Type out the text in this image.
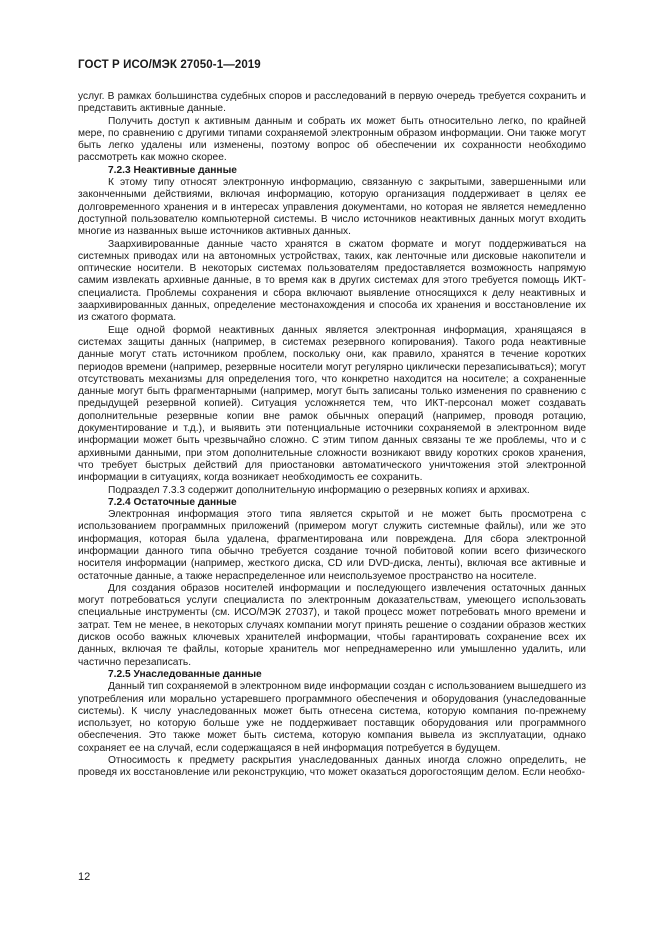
ГОСТ Р ИСО/МЭК 27050-1—2019

услуг. В рамках большинства судебных споров и расследований в первую очередь требуется сохранить и представить активные данные.

Получить доступ к активным данным и собрать их может быть относительно легко, по крайней мере, по сравнению с другими типами сохраняемой электронным образом информации. Они также могут быть легко удалены или изменены, поэтому вопрос об обеспечении их сохранности необходимо рассмотреть как можно скорее.

7.2.3 Неактивные данные

К этому типу относят электронную информацию, связанную с закрытыми, завершенными или законченными действиями, включая информацию, которую организация поддерживает в целях ее долговременного хранения и в интересах управления документами, но которая не является немедленно доступной пользователю компьютерной системы. В число источников неактивных данных могут входить многие из названных выше источников активных данных.

Заархивированные данные часто хранятся в сжатом формате и могут поддерживаться на системных приводах или на автономных устройствах, таких, как ленточные или дисковые накопители и оптические носители. В некоторых системах пользователям предоставляется возможность напрямую самим извлекать архивные данные, в то время как в других системах для этого требуется помощь ИКТ-специалиста. Проблемы сохранения и сбора включают выявление относящихся к делу неактивных и заархивированных данных, определение местонахождения и способа их хранения и восстановление их из сжатого формата.

Еще одной формой неактивных данных является электронная информация, хранящаяся в системах защиты данных (например, в системах резервного копирования). Такого рода неактивные данные могут стать источником проблем, поскольку они, как правило, хранятся в течение коротких периодов времени (например, резервные носители могут регулярно циклически перезаписываться); могут отсутствовать механизмы для определения того, что конкретно находится на носителе; а сохраненные данные могут быть фрагментарными (например, могут быть записаны только изменения по сравнению с предыдущей резервной копией). Ситуация усложняется тем, что ИКТ-персонал может создавать дополнительные резервные копии вне рамок обычных операций (например, проводя ротацию, документирование и т.д.), и выявить эти потенциальные источники сохраняемой в электронном виде информации может быть чрезвычайно сложно. С этим типом данных связаны те же проблемы, что и с архивными данными, при этом дополнительные сложности возникают ввиду коротких сроков хранения, что требует быстрых действий для приостановки автоматического уничтожения этой электронной информации в ситуациях, когда возникает необходимость ее сохранить.

Подраздел 7.3.3 содержит дополнительную информацию о резервных копиях и архивах.

7.2.4 Остаточные данные

Электронная информация этого типа является скрытой и не может быть просмотрена с использованием программных приложений (примером могут служить системные файлы), или же это информация, которая была удалена, фрагментирована или повреждена. Для сбора электронной информации данного типа обычно требуется создание точной побитовой копии всего физического носителя информации (например, жесткого диска, CD или DVD-диска, ленты), включая все активные и остаточные данные, а также нераспределенное или неиспользуемое пространство на носителе.

Для создания образов носителей информации и последующего извлечения остаточных данных могут потребоваться услуги специалиста по электронным доказательствам, умеющего использовать специальные инструменты (см. ИСО/МЭК 27037), и такой процесс может потребовать много времени и затрат. Тем не менее, в некоторых случаях компании могут принять решение о создании образов жестких дисков особо важных ключевых хранителей информации, чтобы гарантировать сохранение всех их данных, включая те файлы, которые хранитель мог непреднамеренно или умышленно удалить, или частично перезаписать.

7.2.5 Унаследованные данные

Данный тип сохраняемой в электронном виде информации создан с использованием вышедшего из употребления или морально устаревшего программного обеспечения и оборудования (унаследованные системы). К числу унаследованных может быть отнесена система, которую компания по-прежнему использует, но которую больше уже не поддерживает поставщик оборудования или программного обеспечения. Это также может быть система, которую компания вывела из эксплуатации, однако сохраняет ее на случай, если содержащаяся в ней информация потребуется в будущем.

Относимость к предмету раскрытия унаследованных данных иногда сложно определить, не проведя их восстановление или реконструкцию, что может оказаться дорогостоящим делом. Если необхо-

12
